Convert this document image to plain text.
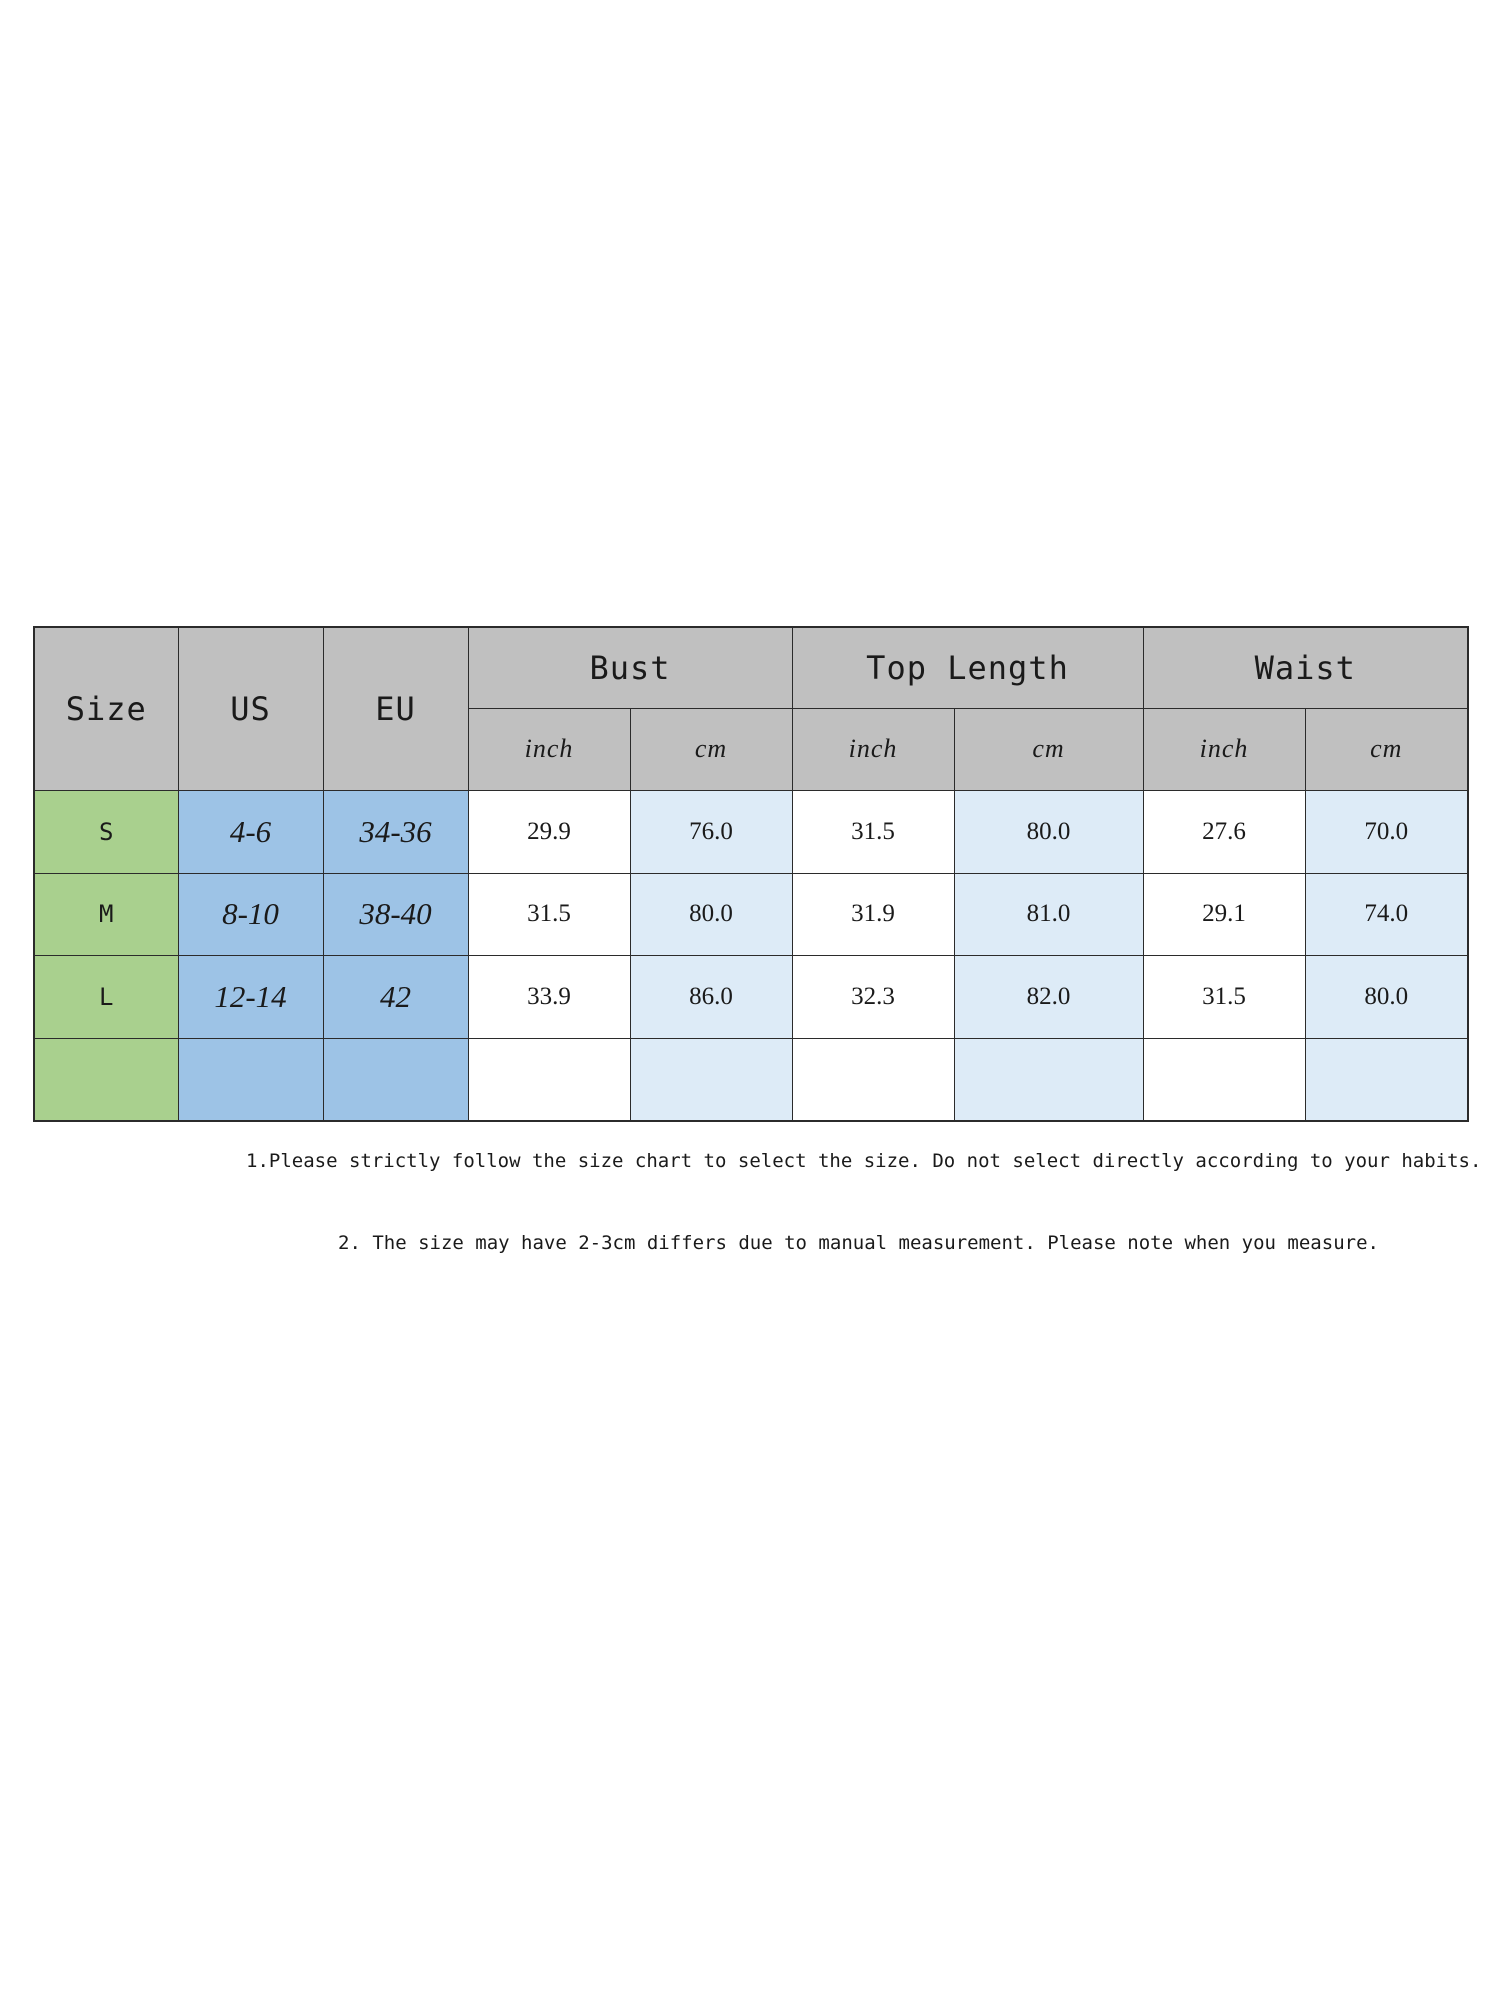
Size	US	EU	Bust		Top Length		Waist	
			inch	cm	inch	cm	inch	cm
S	4-6	34-36	29.9	76.0	31.5	80.0	27.6	70.0
M	8-10	38-40	31.5	80.0	31.9	81.0	29.1	74.0
L	12-14	42	33.9	86.0	32.3	82.0	31.5	80.0

1.Please strictly follow the size chart to select the size. Do not select directly according to your habits.

2. The size may have 2-3cm differs due to manual measurement. Please note when you measure.
